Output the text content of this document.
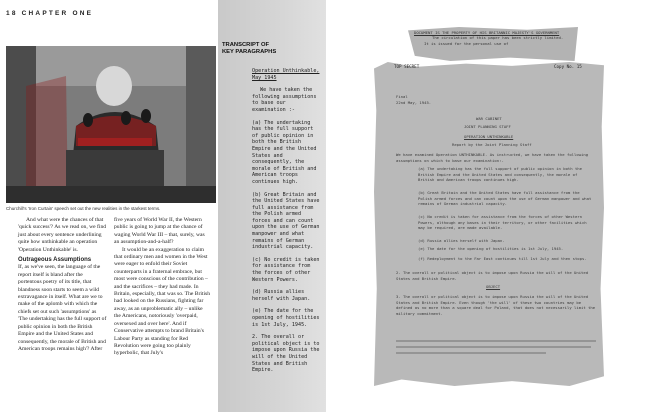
18 CHAPTER ONE
Churchill's 'Iron Curtain' speech set out the new realities in the starkest terms.

And what were the chances of that 'quick success'? As we read on, we find just about every sentence underlining quite how unthinkable an operation 'Operation Unthinkable' is.

Outrageous Assumptions

If, as we've seen, the language of the report itself is bland after the portentous poetry of its title, that blandness soon starts to seem a wild extravagance in itself. What are we to make of the aplomb with which the chiefs set out such 'assumptions' as 'The undertaking has the full support of public opinion in both the British Empire and the United States and consequently, the morale of British and American troops remains high'? After

five years of World War II, the Western public is going to jump at the chance of waging World War III – that, surely, was an assumption-and-a-half?

It would be an exaggeration to claim that ordinary men and women in the West were eager to enfold their Soviet counterparts in a fraternal embrace, but most were conscious of the contribution – and the sacrifices – they had made. In Britain, especially, that was so. The British had looked on the Russians, fighting far away, as an unproblematic ally – unlike the Americans, notoriously 'overpaid, oversexed and over here'. And if Conservative attempts to brand Britain's Labour Party as standing for Red Revolution were going too plainly hyperbolic, that July's

TRANSCRIPT OF
KEY PARAGRAPHS

Operation Unthinkable,
May 1945

We have taken the following assumptions to base our examination :-

(a) The undertaking has the full support of public opinion in both the British Empire and the United States and consequently, the morale of British and American troops continues high.

(b) Great Britain and the United States have full assistance from the Polish armed forces and can count upon the use of German manpower and what remains of German industrial capacity.

(c) No credit is taken for assistance from the forces of other Western Powers.

(d) Russia allies herself with Japan.

(e) The date for the opening of hostilities is 1st July, 1945.

2. The overall or political object is to impose upon Russia the will of the United States and British Empire.

DOCUMENT IS THE PROPERTY OF HIS BRITANNIC MAJESTY'S GOVERNMENT
The circulation of this paper has been strictly limited.
It is issued for the personal use of
TOP SECRET	Copy No. 15
Final
22nd May, 1945.
WAR CABINET
JOINT PLANNING STAFF
OPERATION UNTHINKABLE
Report by the Joint Planning Staff
We have examined Operation UNTHINKABLE. As instructed, we have taken the following assumptions on which to base our examination:-
(a) The undertaking has the full support of public opinion in both the British Empire and the United States and consequently, the morale of British and American troops continues high.
(b) Great Britain and the United States have full assistance from the Polish armed forces and can count upon the use of German manpower and what remains of German industrial capacity.
(c) No credit is taken for assistance from the forces of other Western Powers, although any bases in their territory, or other facilities which may be required, are made available.
(d) Russia allies herself with Japan.
(e) The date for the opening of hostilities is 1st July, 1945.
(f) Redeployment to the Far East continues till 1st July and then stops.
2. The overall or political object is to impose upon Russia the will of the United States and British Empire.
OBJECT
3. The overall or political object is to impose upon Russia the will of the United States and British Empire. Even though 'the will' of these two countries may be defined as no more than a square deal for Poland, that does not necessarily limit the military commitment.
